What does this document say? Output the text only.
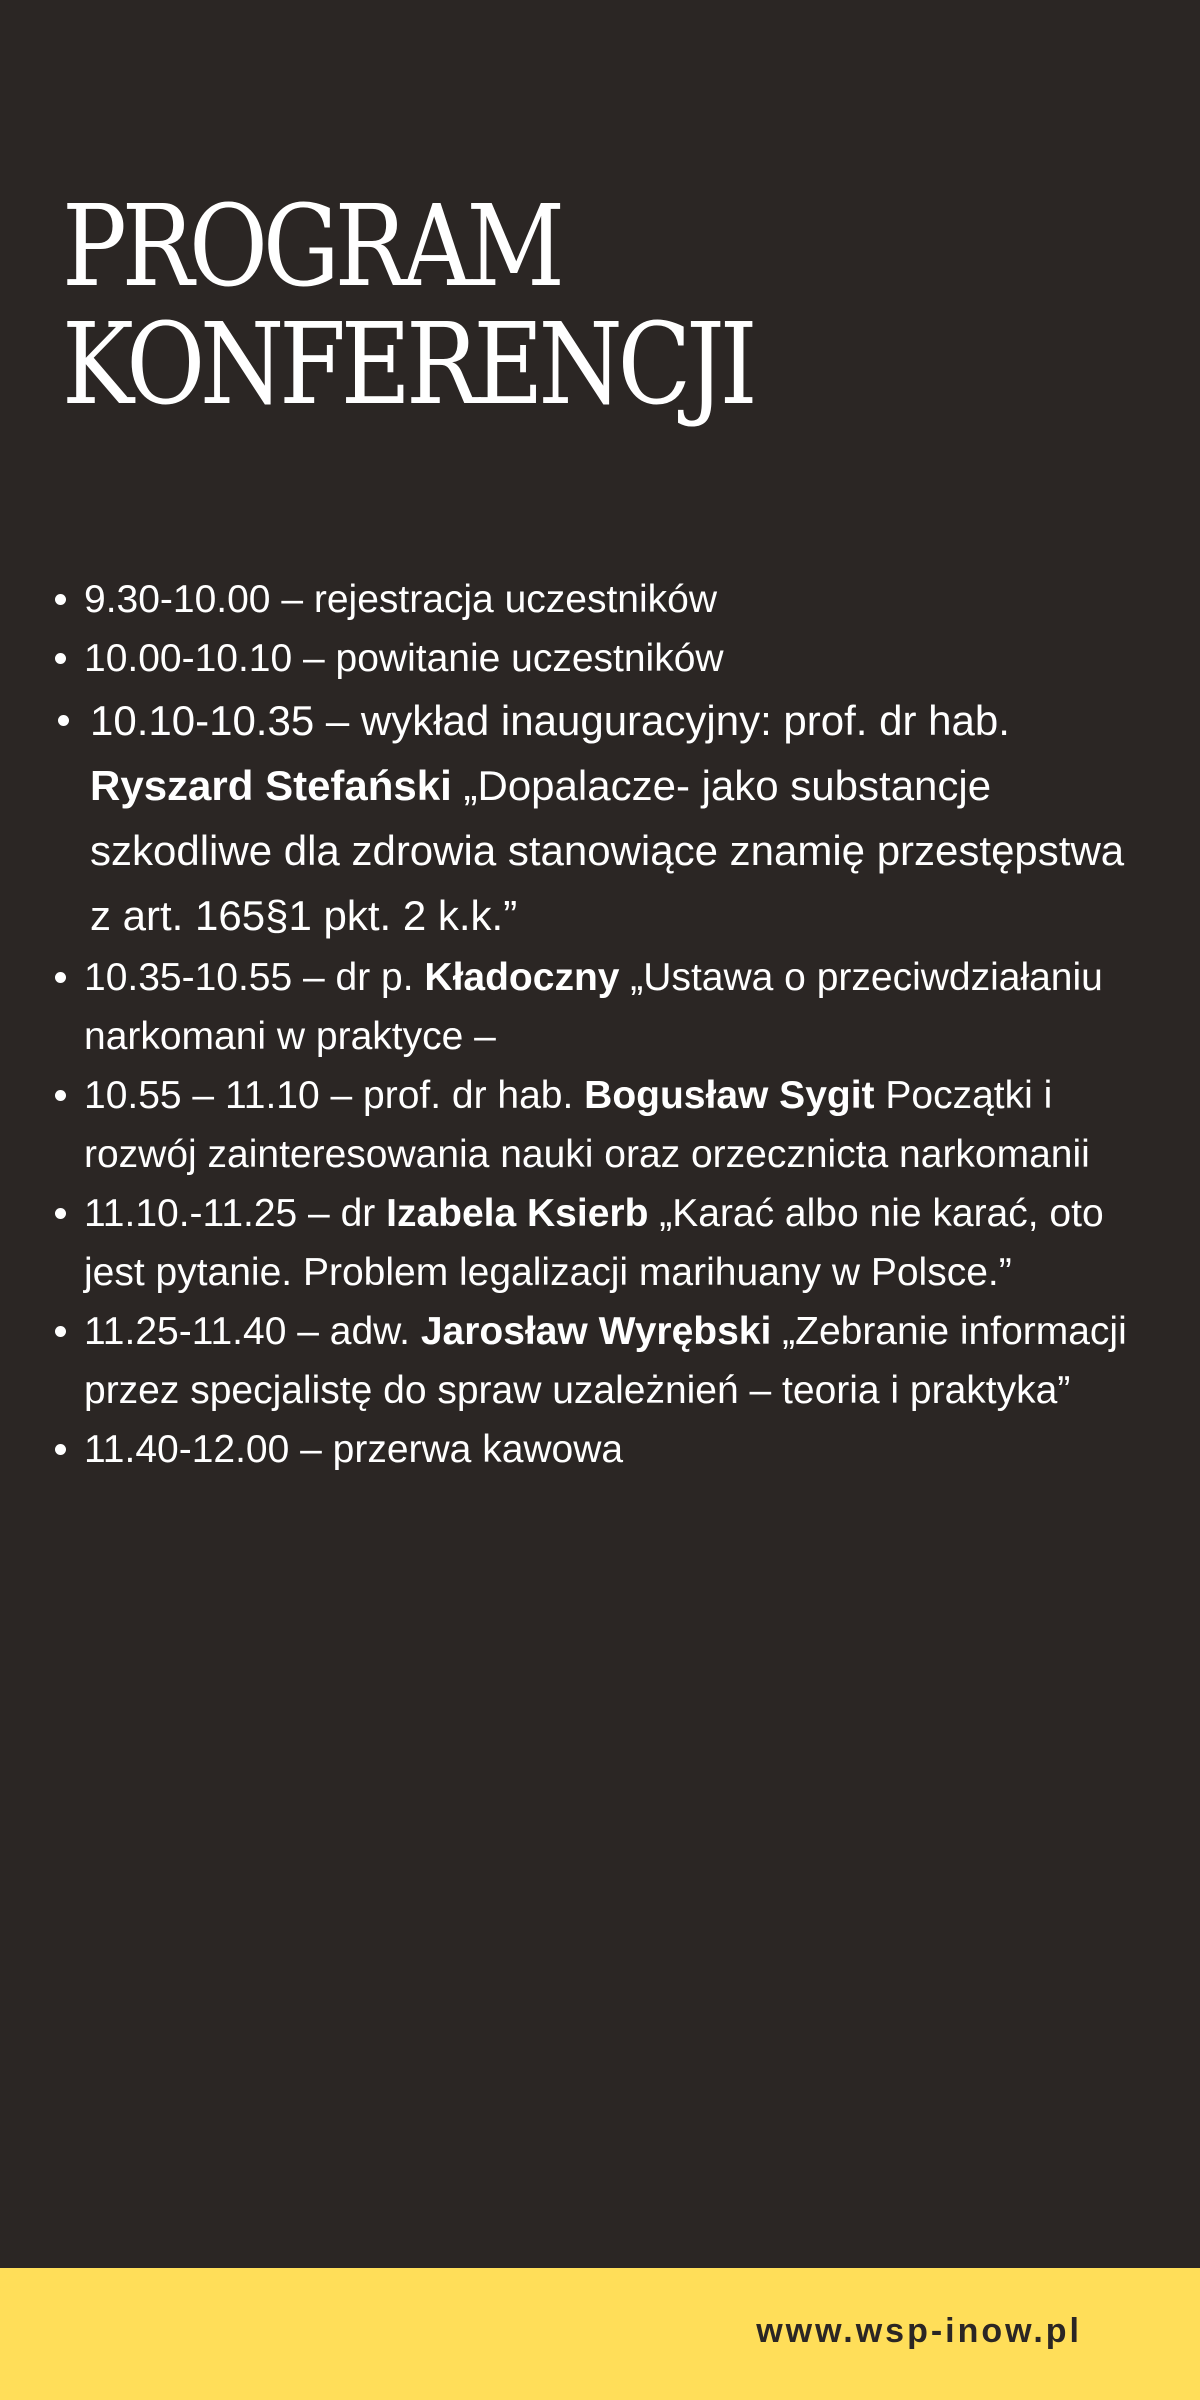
PROGRAM
KONFERENCJI
9.30-10.00 – rejestracja uczestników
10.00-10.10 – powitanie uczestników
10.10-10.35 – wykład inauguracyjny: prof. dr hab. Ryszard Stefański „Dopalacze- jako substancje szkodliwe dla zdrowia stanowiące znamię przestępstwa z art. 165§1 pkt. 2 k.k.”
10.35-10.55 – dr p. Kładoczny „Ustawa o przeciwdziałaniu narkomani w praktyce –
10.55 – 11.10 – prof. dr hab. Bogusław Sygit Początki i rozwój zainteresowania nauki oraz orzecznicta narkomanii
11.10.-11.25 – dr Izabela Ksierb „Karać albo nie karać, oto jest pytanie. Problem legalizacji marihuany w Polsce.”
11.25-11.40 – adw. Jarosław Wyrębski „Zebranie informacji przez specjalistę do spraw uzależnień – teoria i praktyka”
11.40-12.00 – przerwa kawowa
www.wsp-inow.pl
